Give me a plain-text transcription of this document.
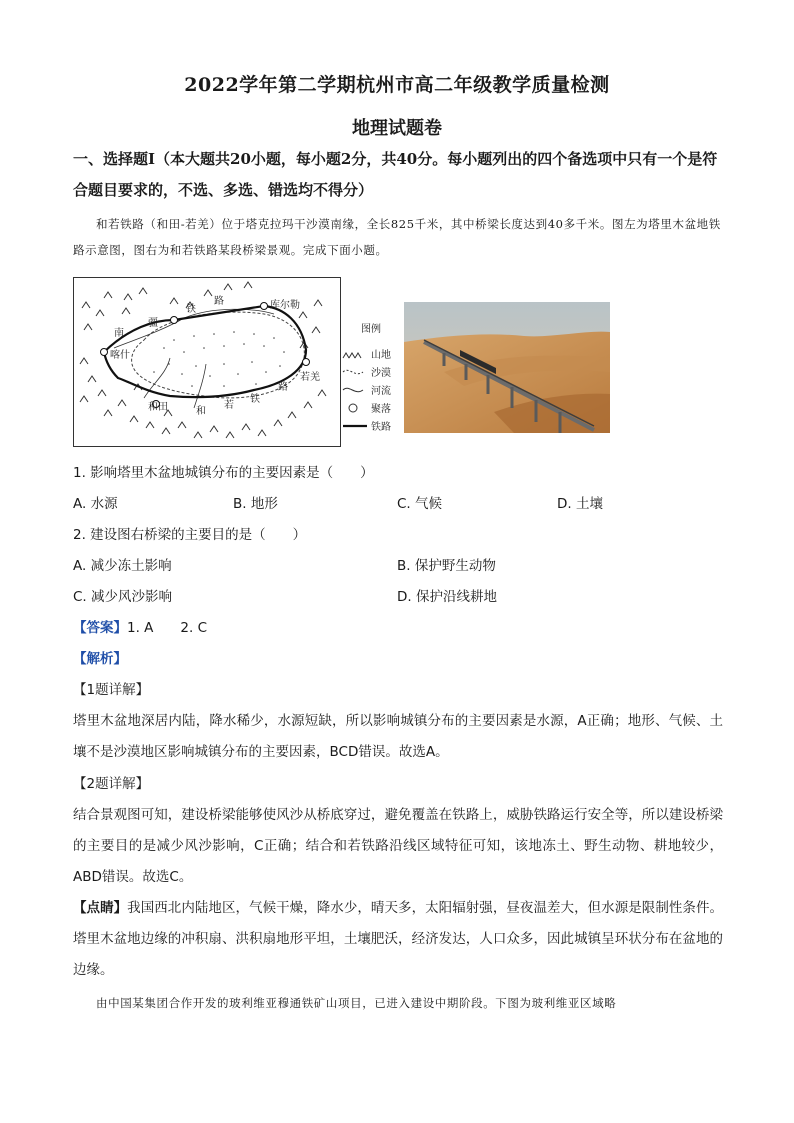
2022学年第二学期杭州市高二年级教学质量检测
地理试题卷
一、选择题Ⅰ（本大题共20小题，每小题2分，共40分。每小题列出的四个备选项中只有一个是符合题目要求的，不选、多选、错选均不得分）
和若铁路（和田-若羌）位于塔克拉玛干沙漠南缘，全长825千米，其中桥梁长度达到40多千米。图左为塔里木盆地铁路示意图，图右为和若铁路某段桥梁景观。完成下面小题。
库尔勒
喀什
和田
若羌
南
疆
铁
路
和
若
铁
路
图例
山地
沙漠
河流
聚落
铁路
1. 影响塔里木盆地城镇分布的主要因素是（　　）
A. 水源	B. 地形	C. 气候	D. 土壤
2. 建设图右桥梁的主要目的是（　　）
A. 减少冻土影响	B. 保护野生动物
C. 减少风沙影响	D. 保护沿线耕地
【答案】1. A　　2. C
【解析】
【1题详解】
塔里木盆地深居内陆，降水稀少，水源短缺，所以影响城镇分布的主要因素是水源，A正确；地形、气候、土壤不是沙漠地区影响城镇分布的主要因素，BCD错误。故选A。
【2题详解】
结合景观图可知，建设桥梁能够使风沙从桥底穿过，避免覆盖在铁路上，威胁铁路运行安全等，所以建设桥梁的主要目的是减少风沙影响，C正确；结合和若铁路沿线区域特征可知，该地冻土、野生动物、耕地较少，ABD错误。故选C。
【点睛】我国西北内陆地区，气候干燥，降水少，晴天多，太阳辐射强，昼夜温差大，但水源是限制性条件。塔里木盆地边缘的冲积扇、洪积扇地形平坦，土壤肥沃，经济发达，人口众多，因此城镇呈环状分布在盆地的边缘。
由中国某集团合作开发的玻利维亚穆通铁矿山项目，已进入建设中期阶段。下图为玻利维亚区域略
